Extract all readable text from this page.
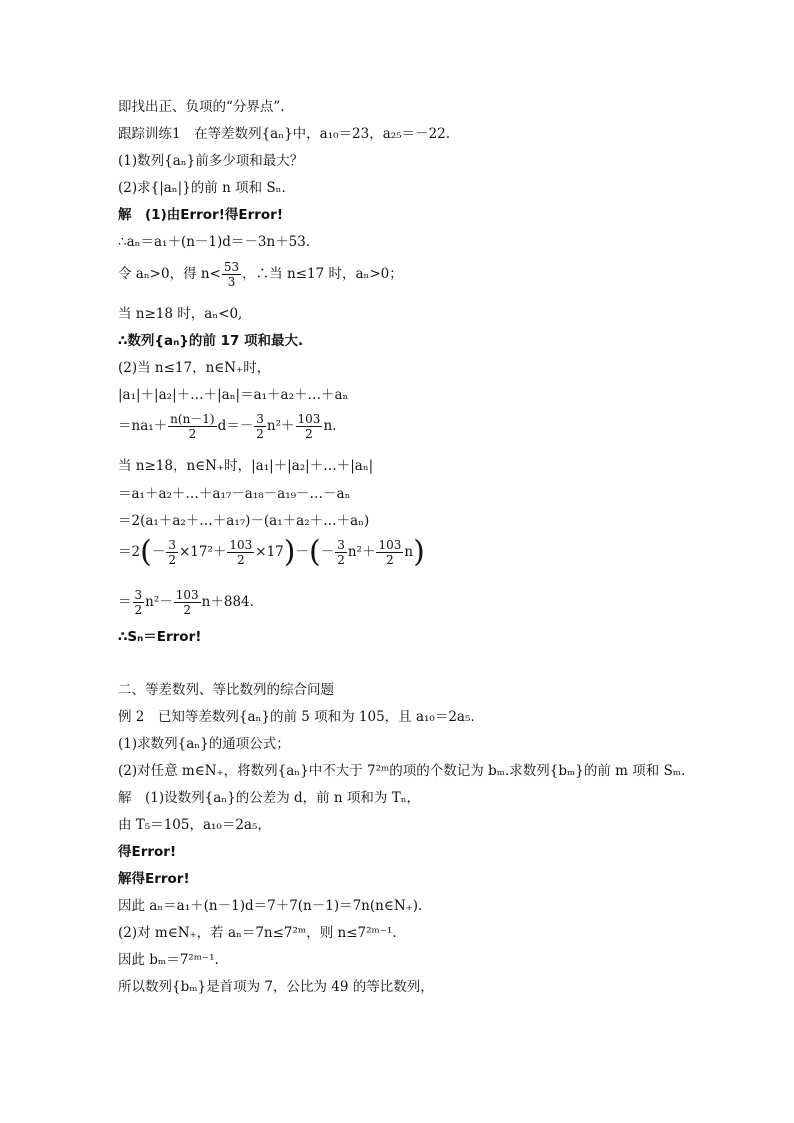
即找出正、负项的“分界点”.
跟踪训练1　在等差数列{aₙ}中，a₁₀＝23，a₂₅＝－22.
(1)数列{aₙ}前多少项和最大？
(2)求{|aₙ|}的前 n 项和 Sₙ.
解　(1)由Error!得Error!
∴aₙ＝a₁＋(n－1)d＝－3n＋53.
令 aₙ>0，得 $n< \frac{53}{3}$ ，∴当 n≤17 时，aₙ>0；
当 n≥18 时，aₙ<0,
∴数列{aₙ}的前 17 项和最大.
(2)当 n≤17，n∈N₊时，
|a₁|＋|a₂|＋…＋|aₙ|＝a₁＋a₂＋…＋aₙ
$=na_1+ \frac{n(n-1)}{2} d=- \frac{3}{2} n^2+ \frac{103}{2} n$.
当 n≥18，n∈N₊时，|a₁|＋|a₂|＋…＋|aₙ|
＝a₁＋a₂＋…＋a₁₇－a₁₈－a₁₉－…－aₙ
＝2(a₁＋a₂＋…＋a₁₇)－(a₁＋a₂＋…＋aₙ)
$=2(- \frac{3}{2} \times 17^2+ \frac{103}{2} \times 17)-(- \frac{3}{2} n^2+ \frac{103}{2} n)$
＝ $\frac{3}{2} n^2- \frac{103}{2} n+884$.
∴Sₙ＝Error!
二、等差数列、等比数列的综合问题
例 2　已知等差数列{aₙ}的前 5 项和为 105，且 a₁₀＝2a₅.
(1)求数列{aₙ}的通项公式；
(2)对任意 m∈N₊，将数列{aₙ}中不大于 7²ᵐ的项的个数记为 bₘ.求数列{bₘ}的前 m 项和 Sₘ.
解　(1)设数列{aₙ}的公差为 d，前 n 项和为 Tₙ，
由 T₅＝105，a₁₀＝2a₅，
得Error!
解得Error!
因此 aₙ＝a₁＋(n－1)d＝7＋7(n－1)＝7n(n∈N₊).
(2)对 m∈N₊，若 aₙ＝7n≤7²ᵐ，则 n≤7²ᵐ⁻¹.
因此 bₘ＝7²ᵐ⁻¹.
所以数列{bₘ}是首项为 7，公比为 49 的等比数列，
